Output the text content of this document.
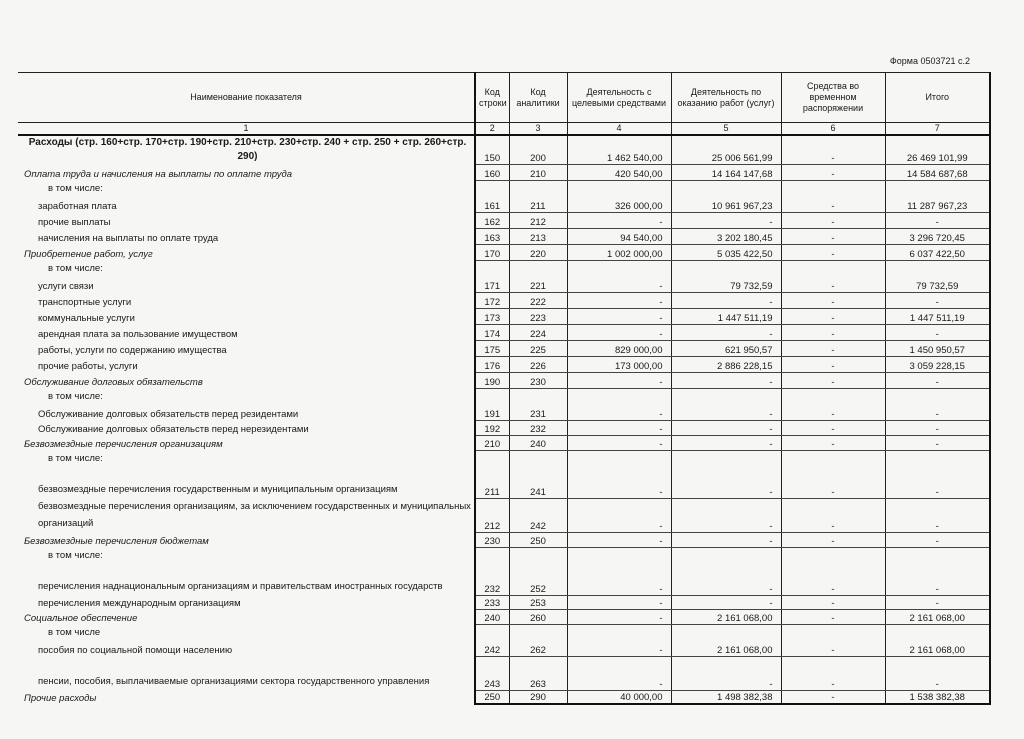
Форма 0503721 с.2
Наименование показателя	Код строки	Код аналитики	Деятельность с целевыми средствами	Деятельность по оказанию работ (услуг)	Средства во временном распоряжении	Итого
1	2	3	4	5	6	7
Расходы (стр. 160+стр. 170+стр. 190+стр. 210+стр. 230+стр. 240 + стр. 250 + стр. 260+стр. 290)	150	200	1 462 540,00	25 006 561,99	-	26 469 101,99
Оплата труда и начисления на выплаты по оплате труда	160	210	420 540,00	14 164 147,68	-	14 584 687,68
в том числе:						
заработная плата	161	211	326 000,00	10 961 967,23	-	11 287 967,23
прочие выплаты	162	212	-	-	-	-
начисления на выплаты по оплате труда	163	213	94 540,00	3 202 180,45	-	3 296 720,45
Приобретение работ, услуг	170	220	1 002 000,00	5 035 422,50	-	6 037 422,50
в том числе:						
услуги связи	171	221	-	79 732,59	-	79 732,59
транспортные услуги	172	222	-	-	-	-
коммунальные услуги	173	223	-	1 447 511,19	-	1 447 511,19
арендная плата за пользование имуществом	174	224	-	-	-	-
работы, услуги по содержанию имущества	175	225	829 000,00	621 950,57	-	1 450 950,57
прочие работы, услуги	176	226	173 000,00	2 886 228,15	-	3 059 228,15
Обслуживание долговых обязательств	190	230	-	-	-	-
в том числе:						
Обслуживание долговых обязательств перед резидентами	191	231	-	-	-	-
Обслуживание долговых обязательств перед нерезидентами	192	232	-	-	-	-
Безвозмездные перечисления организациям	210	240	-	-	-	-
в том числе:						
безвозмездные перечисления государственным и муниципальным организациям	211	241	-	-	-	-
безвозмездные перечисления организациям, за исключением государственных и муниципальных организаций	212	242	-	-	-	-
Безвозмездные перечисления бюджетам	230	250	-	-	-	-
в том числе:						
перечисления наднациональным организациям и правительствам иностранных государств	232	252	-	-	-	-
перечисления международным организациям	233	253	-	-	-	-
Социальное обеспечение	240	260	-	2 161 068,00	-	2 161 068,00
в том числе						
пособия по социальной помощи населению	242	262	-	2 161 068,00	-	2 161 068,00
пенсии, пособия, выплачиваемые организациями сектора государственного управления	243	263	-	-	-	-
Прочие расходы	250	290	40 000,00	1 498 382,38	-	1 538 382,38
